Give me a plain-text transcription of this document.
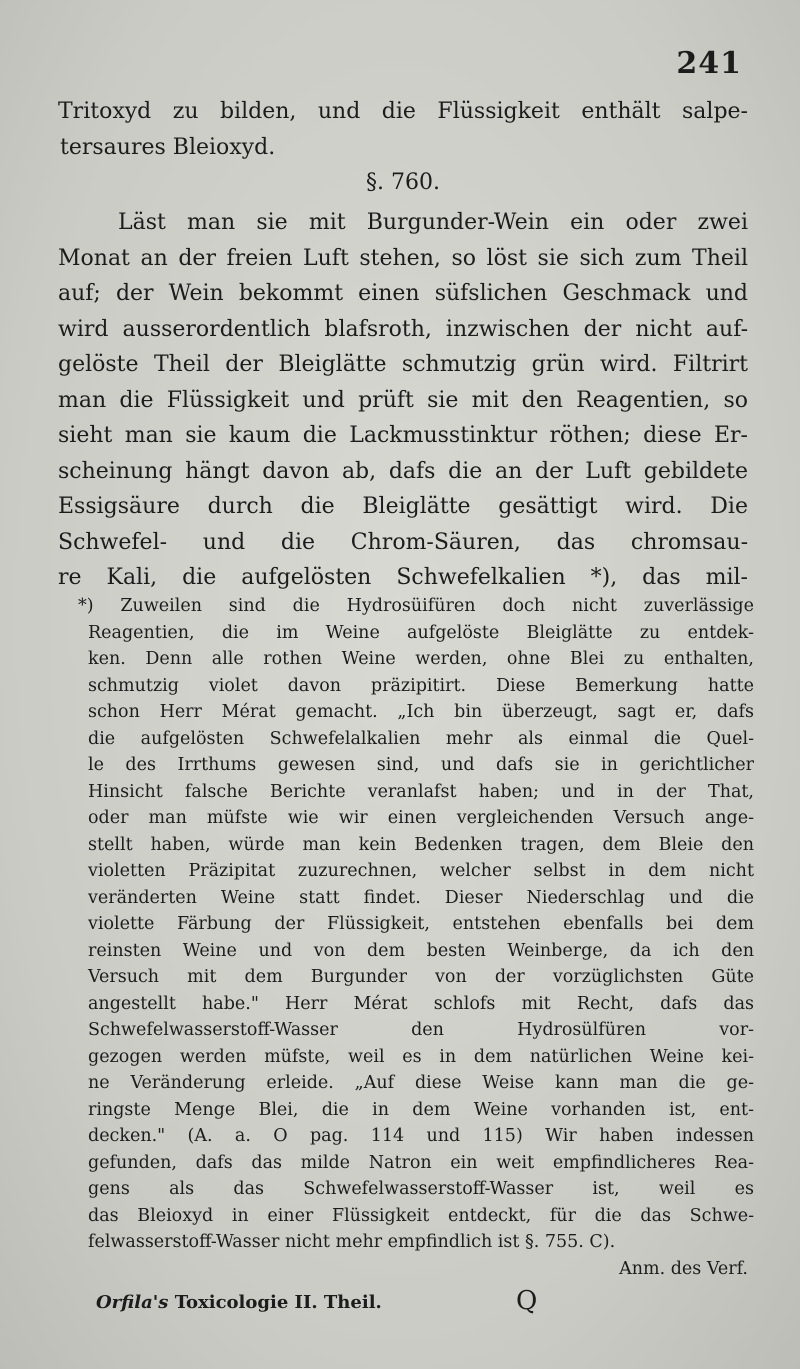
241
Tritoxyd zu bilden, und die Flüssigkeit enthält salpe-
tersaures Bleioxyd.
§. 760.
Läst man sie mit Burgunder-Wein ein oder zwei
Monat an der freien Luft stehen, so löst sie sich zum Theil
auf; der Wein bekommt einen süfslichen Geschmack und
wird ausserordentlich blafsroth, inzwischen der nicht auf-
gelöste Theil der Bleiglätte schmutzig grün wird. Filtrirt
man die Flüssigkeit und prüft sie mit den Reagentien, so
sieht man sie kaum die Lackmusstinktur röthen; diese Er-
scheinung hängt davon ab, dafs die an der Luft gebildete
Essigsäure durch die Bleiglätte gesättigt wird. Die
Schwefel- und die Chrom-Säuren, das chromsau-
re Kali, die aufgelösten Schwefelkalien *), das mil-
*) Zuweilen sind die Hydrosüifüren doch nicht zuverlässige
Reagentien, die im Weine aufgelöste Bleiglätte zu entdek-
ken. Denn alle rothen Weine werden, ohne Blei zu enthalten,
schmutzig violet davon präzipitirt. Diese Bemerkung hatte
schon Herr Mérat gemacht. „Ich bin überzeugt, sagt er, dafs
die aufgelösten Schwefelalkalien mehr als einmal die Quel-
le des Irrthums gewesen sind, und dafs sie in gerichtlicher
Hinsicht falsche Berichte veranlafst haben; und in der That,
oder man müfste wie wir einen vergleichenden Versuch ange-
stellt haben, würde man kein Bedenken tragen, dem Bleie den
violetten Präzipitat zuzurechnen, welcher selbst in dem nicht
veränderten Weine statt findet. Dieser Niederschlag und die
violette Färbung der Flüssigkeit, entstehen ebenfalls bei dem
reinsten Weine und von dem besten Weinberge, da ich den
Versuch mit dem Burgunder von der vorzüglichsten Güte
angestellt habe." Herr Mérat schlofs mit Recht, dafs das
Schwefelwasserstoff-Wasser den Hydrosülfüren vor-
gezogen werden müfste, weil es in dem natürlichen Weine kei-
ne Veränderung erleide. „Auf diese Weise kann man die ge-
ringste Menge Blei, die in dem Weine vorhanden ist, ent-
decken." (A. a. O pag. 114 und 115) Wir haben indessen
gefunden, dafs das milde Natron ein weit empfindlicheres Rea-
gens als das Schwefelwasserstoff-Wasser ist, weil es
das Bleioxyd in einer Flüssigkeit entdeckt, für die das Schwe-
felwasserstoff-Wasser nicht mehr empfindlich ist §. 755. C).
Anm. des Verf.
Orfila's Toxicologie II. Theil.	Q
